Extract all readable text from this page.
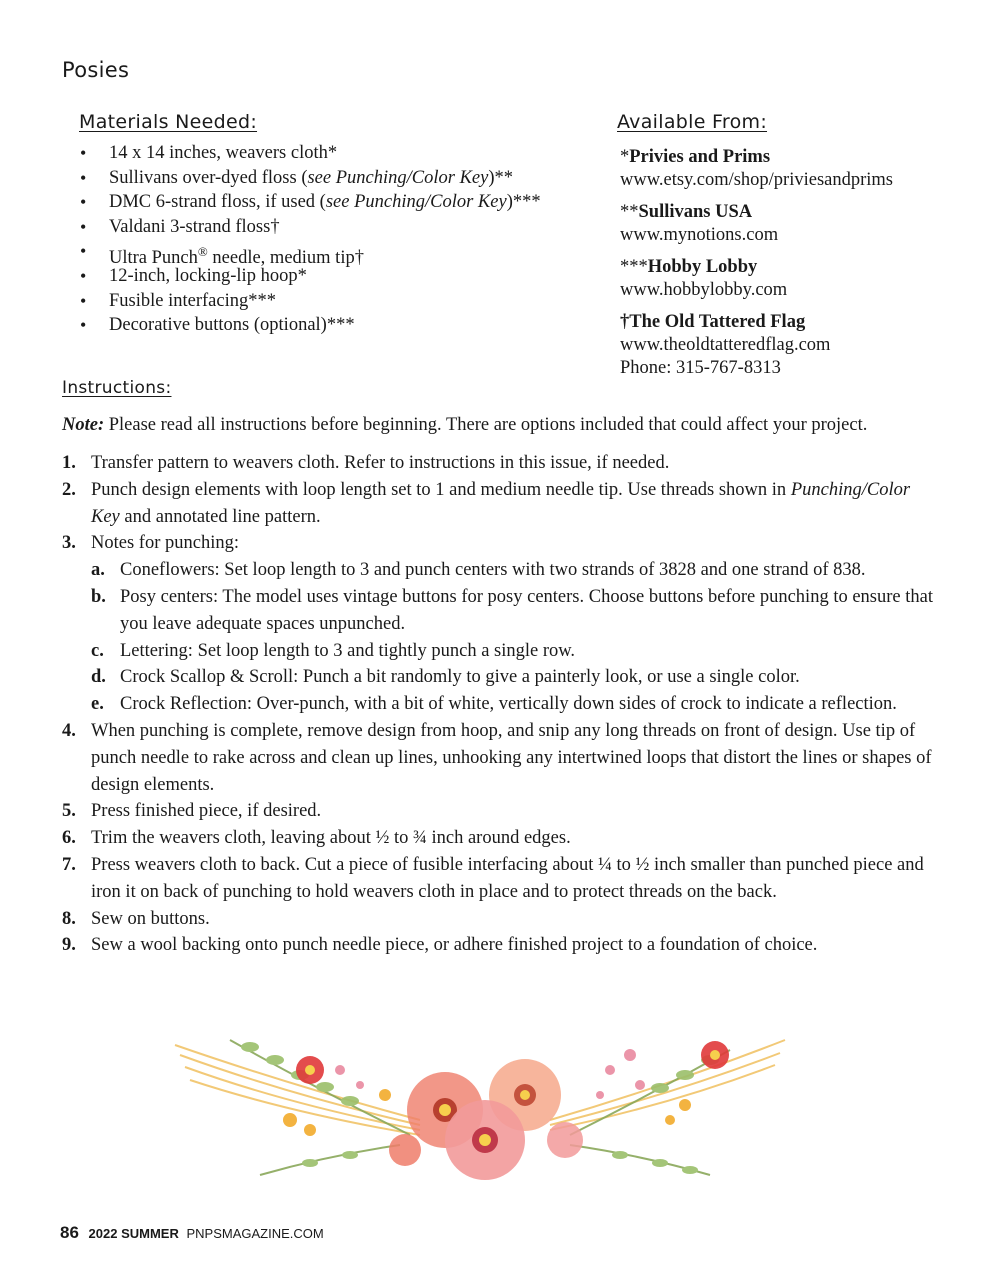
Posies
Materials Needed:
• 14 x 14 inches, weavers cloth*
• Sullivans over-dyed floss (see Punching/Color Key)**
• DMC 6-strand floss, if used (see Punching/Color Key)***
• Valdani 3-strand floss†
• Ultra Punch® needle, medium tip†
• 12-inch, locking-lip hoop*
• Fusible interfacing***
• Decorative buttons (optional)***
Available From:
*Privies and Prims
www.etsy.com/shop/priviesandprims
**Sullivans USA
www.mynotions.com
***Hobby Lobby
www.hobbylobby.com
†The Old Tattered Flag
www.theoldtatteredflag.com
Phone: 315-767-8313
Instructions:
Note: Please read all instructions before beginning. There are options included that could affect your project.
1. Transfer pattern to weavers cloth. Refer to instructions in this issue, if needed.
2. Punch design elements with loop length set to 1 and medium needle tip. Use threads shown in Punching/Color Key and annotated line pattern.
3. Notes for punching:
a. Coneflowers: Set loop length to 3 and punch centers with two strands of 3828 and one strand of 838.
b. Posy centers: The model uses vintage buttons for posy centers. Choose buttons before punching to ensure that you leave adequate spaces unpunched.
c. Lettering: Set loop length to 3 and tightly punch a single row.
d. Crock Scallop & Scroll: Punch a bit randomly to give a painterly look, or use a single color.
e. Crock Reflection: Over-punch, with a bit of white, vertically down sides of crock to indicate a reflection.
4. When punching is complete, remove design from hoop, and snip any long threads on front of design. Use tip of punch needle to rake across and clean up lines, unhooking any intertwined loops that distort the lines or shapes of design elements.
5. Press finished piece, if desired.
6. Trim the weavers cloth, leaving about ½ to ¾ inch around edges.
7. Press weavers cloth to back. Cut a piece of fusible interfacing about ¼ to ½ inch smaller than punched piece and iron it on back of punching to hold weavers cloth in place and to protect threads on the back.
8. Sew on buttons.
9. Sew a wool backing onto punch needle piece, or adhere finished project to a foundation of choice.
86 2022 SUMMER PNPSMAGAZINE.COM
